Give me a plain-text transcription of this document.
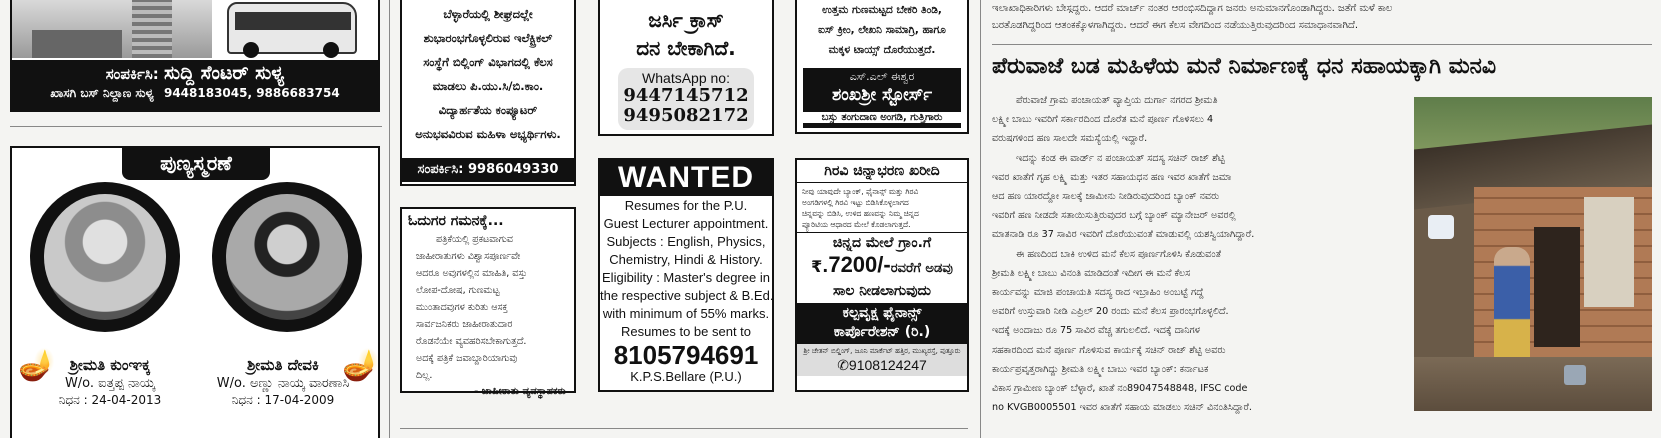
ಸಂಪರ್ಕಿಸಿ: ಸುದ್ದಿ ಸೆಂಟರ್ ಸುಳ್ಯ
ಖಾಸಗಿ ಬಸ್ ನಿಲ್ದಾಣ ಸುಳ್ಯ 9448183045, 9886683754
ಪುಣ್ಯಸ್ಮರಣೆ
🪔	🪔
ಶ್ರೀಮತಿ ಕುಂಞಕ್ಕ
W/o. ಐತ್ತಪ್ಪ ನಾಯ್ಕ
ನಿಧನ : 24-04-2013
ಶ್ರೀಮತಿ ದೇವಕಿ
W/o. ಅಣ್ಣು ನಾಯ್ಕ ವಾರಣಾಸಿ
ನಿಧನ : 17-04-2009
ಬೆಳ್ಳಾರೆಯಲ್ಲಿ ಶೀಘ್ರದಲ್ಲೇ
ಶುಭಾರಂಭಗೊಳ್ಳಲಿರುವ ಇಲೆಕ್ಟ್ರಿಕಲ್
ಸಂಸ್ಥೆಗೆ ಬಿಲ್ಲಿಂಗ್ ವಿಭಾಗದಲ್ಲಿ ಕೆಲಸ
ಮಾಡಲು ಪಿ.ಯು.ಸಿ/ಬಿ.ಕಾಂ.
ವಿದ್ಯಾರ್ಹತೆಯ ಕಂಪ್ಯೂಟರ್
ಅನುಭವವಿರುವ ಮಹಿಳಾ ಅಭ್ಯರ್ಥಿಗಳು.
ಸಂಪರ್ಕಿಸಿ: 9986049330
ಓದುಗರ ಗಮನಕ್ಕೆ...
ಪತ್ರಿಕೆಯಲ್ಲಿ ಪ್ರಕಟವಾಗುವ
ಜಾಹೀರಾತುಗಳು ವಿಶ್ವಾಸಪೂರ್ಣವೇ
ಆದರೂ ಅವುಗಳಲ್ಲಿನ ಮಾಹಿತಿ, ವಸ್ತು
ಲೋಪ-ದೋಷ, ಗುಣಮಟ್ಟ
ಮುಂತಾದವುಗಳ ಕುರಿತು ಆಸಕ್ತ
ಸಾರ್ವಜನಿಕರು ಜಾಹೀರಾತುದಾರ
ರೊಡನೆಯೇ ವ್ಯವಹರಿಸಬೇಕಾಗುತ್ತದೆ.
ಅದಕ್ಕೆ ಪತ್ರಿಕೆ ಜವಾಬ್ದಾರಿಯಾಗುವು
ದಿಲ್ಲ.
- ಜಾಹೀರಾತು ವ್ಯವಸ್ಥಾಪಕರು
ಜರ್ಸಿ ಕ್ರಾಸ್
ದನ ಬೇಕಾಗಿದೆ.
WhatsApp no:
9447145712
9495082172
WANTED
Resumes for the P.U.
Guest Lecturer appointment.
Subjects : English, Physics,
Chemistry, Hindi & History.
Eligibility : Master's degree in
the respective subject & B.Ed.
with minimum of 55% marks.
Resumes to be sent to
8105794691
K.P.S.Bellare (P.U.)
ಉತ್ತಮ ಗುಣಮಟ್ಟದ ಬೇಕರಿ ತಿಂಡಿ,
ಐಸ್ ಕ್ರೀಂ, ಲೇಖನಿ ಸಾಮಾಗ್ರಿ, ಹಾಗೂ
ಮಕ್ಕಳ ಟಾಯ್ಸ್ ದೊರೆಯುತ್ತದೆ.
ಎಸ್.ಎಲ್ ಈಶ್ವರ
ಶಂಖಶ್ರೀ ಸ್ಟೋರ್ಸ್
ಬಸ್ಸು ತಂಗುದಾಣ ಅಂಗಡಿ, ಗುತ್ತಿಗಾರು
ಗಿರವಿ ಚಿನ್ನಾಭರಣ ಖರೀದಿ
ನೀವು ಯಾವುದೇ ಬ್ಯಾಂಕ್, ಫೈನಾನ್ಸ್ ಮತ್ತು ಗಿರವಿ
ಅಂಗಡಿಗಳಲ್ಲಿ ಗಿರವಿ ಇಟ್ಟು ಬಿಡಿಸಿಕೊಳ್ಳಲಾಗದ
ಚಿನ್ನವನ್ನು ಬಿಡಿಸಿ, ಉಳಿದ ಹಣವನ್ನು ನಿಮ್ಮ ಚಿನ್ನದ
ಪ್ಯೂರಿಟಿಯ ಆಧಾರದ ಮೇಲೆ ಕೊಡಲಾಗುತ್ತದೆ.
ಚಿನ್ನದ ಮೇಲೆ ಗ್ರಾಂ.ಗೆ
₹.7200/-ರವರೆಗೆ ಅಡವು
ಸಾಲ ನೀಡಲಾಗುವುದು
ಕಲ್ಪವೃಕ್ಷ ಫೈನಾನ್ಸ್
ಕಾರ್ಪೊರೇಶನ್ (ರಿ.)
ಶ್ರೀ ಚೇತನ್ ಬಿಲ್ಡಿಂಗ್, ಜೂನಿ ಮಾರ್ಕೆಟ್ ಹತ್ತಿರ, ಮುಖ್ಯರಸ್ತೆ, ಪುತ್ತೂರು
✆9108124247
ಇಲಾಖಾಧಿಕಾರಿಗಳು ಬೇಸ್ಗದ್ದರು. ಆದರೆ ಮಾರ್ಚ್ ನಂತರ ಆರಂಭಿಸದಿದ್ದಾಗ ಜನರು ಅನುಮಾನಗೊಂಡಾಗಿದ್ದರು. ಜತೆಗೆ ಮಳೆ ಕಾಲ
ಬರತೊಡಗಿದ್ದರಿಂದ ಆತಂಕಕ್ಕೊಳಗಾಗಿದ್ದರು. ಆದರೆ ಈಗ ಕೆಲಸ ವೇಗದಿಂದ ನಡೆಯುತ್ತಿರುವುದರಿಂದ ಸಮಾಧಾನವಾಗಿದೆ.
ಪೆರುವಾಜೆ ಬಡ ಮಹಿಳೆಯ ಮನೆ ನಿರ್ಮಾಣಕ್ಕೆ ಧನ ಸಹಾಯಕ್ಕಾಗಿ ಮನವಿ
ಪೆರುವಾಜೆ ಗ್ರಾಮ ಪಂಚಾಯತ್ ವ್ಯಾಪ್ತಿಯ ದುರ್ಗಾ ನಗರದ ಶ್ರೀಮತಿ
ಲಕ್ಷ್ಮೀ ಬಾಬು ಇವರಿಗೆ ಸರ್ಕಾರದಿಂದ ದೊರೆತ ಮನೆ ಪೂರ್ಣ ಗೊಳಿಸಲು 4
ವರುಷಗಳಿಂದ ಹಣ ಸಾಲದೇ ಸಮಸ್ಯೆಯಲ್ಲಿ ಇದ್ದಾರೆ.
ಇದನ್ನು ಕಂಡ ಈ ವಾರ್ಡ್ ನ ಪಂಚಾಯತ್ ಸದಸ್ಯ ಸಚಿನ್ ರಾಜ್ ಶೆಟ್ಟಿ
ಇವರ ಖಾತೆಗೆ ಗೃಹ ಲಕ್ಷ್ಮಿ ಮತ್ತು ಇತರ ಸಹಾಯಧನ ಹಣ ಇವರ ಖಾತೆಗೆ ಜಮಾ
ಆದ ಹಣ ಯಾರದ್ದೋ ಸಾಲಕ್ಕೆ ಜಾಮೀನು ನೀಡಿರುವುದರಿಂದ ಬ್ಯಾಂಕ್ ನವರು
ಇವರಿಗೆ ಹಣ ನೀಡದೇ ಸತಾಯಿಸುತ್ತಿರುವುದರ ಬಗ್ಗೆ ಬ್ಯಾಂಕ್ ಮ್ಯಾನೇಜರ್ ಅವರಲ್ಲಿ
ಮಾತನಾಡಿ ರೂ 37 ಸಾವಿರ ಇವರಿಗೆ ದೊರೆಯುವಂತೆ ಮಾಡುವಲ್ಲಿ ಯಶಸ್ವಿಯಾಗಿದ್ದಾರೆ.
ಈ ಹಣದಿಂದ ಬಾಕಿ ಉಳಿದ ಮನೆ ಕೆಲಸ ಪೂರ್ಣಗೊಳಿಸಿ ಕೊಡುವಂತೆ
ಶ್ರೀಮತಿ ಲಕ್ಷ್ಮೀ ಬಾಬು ವಿನಂತಿ ಮಾಡಿದಂತೆ ಇದೀಗ ಈ ಮನೆ ಕೆಲಸ
ಕಾರ್ಯವನ್ನು ಮಾಜಿ ಪಂಚಾಯತಿ ಸದಸ್ಯ ರಾದ ಇಬ್ರಾಹಿಂ ಅಂಬಟ್ಟೆ ಗದ್ದೆ
ಅವರಿಗೆ ಉಸ್ತುವಾರಿ ನೀಡಿ ಎಪ್ರಿಲ್ 20 ರಂದು ಮನೆ ಕೆಲಸ ಪ್ರಾರಂಭಗೊಳ್ಳಲಿದೆ.
ಇದಕ್ಕೆ ಅಂದಾಜು ರೂ 75 ಸಾವಿರ ವೆಚ್ಚ ತಗುಲಲಿದೆ. ಇದಕ್ಕೆ ದಾನಿಗಳ
ಸಹಕಾರದಿಂದ ಮನೆ ಪೂರ್ಣ ಗೊಳಿಸುವ ಕಾರ್ಯಕ್ಕೆ ಸಚಿನ್ ರಾಜ್ ಶೆಟ್ಟಿ ಅವರು
ಕಾರ್ಯಪ್ರವೃತ್ತರಾಗಿದ್ದು ಶ್ರೀಮತಿ ಲಕ್ಷ್ಮೀ ಬಾಬು ಇವರ ಬ್ಯಾಂಕ್: ಕರ್ನಾಟಕ
ವಿಕಾಸ ಗ್ರಾಮೀಣ ಬ್ಯಾಂಕ್ ಬೆಳ್ಳಾರೆ, ಖಾತೆ ನಂ89047548848, IFSC code
no KVGB0005501 ಇವರ ಖಾತೆಗೆ ಸಹಾಯ ಮಾಡಲು ಸಚಿನ್ ವಿನಂತಿಸಿದ್ದಾರೆ.
